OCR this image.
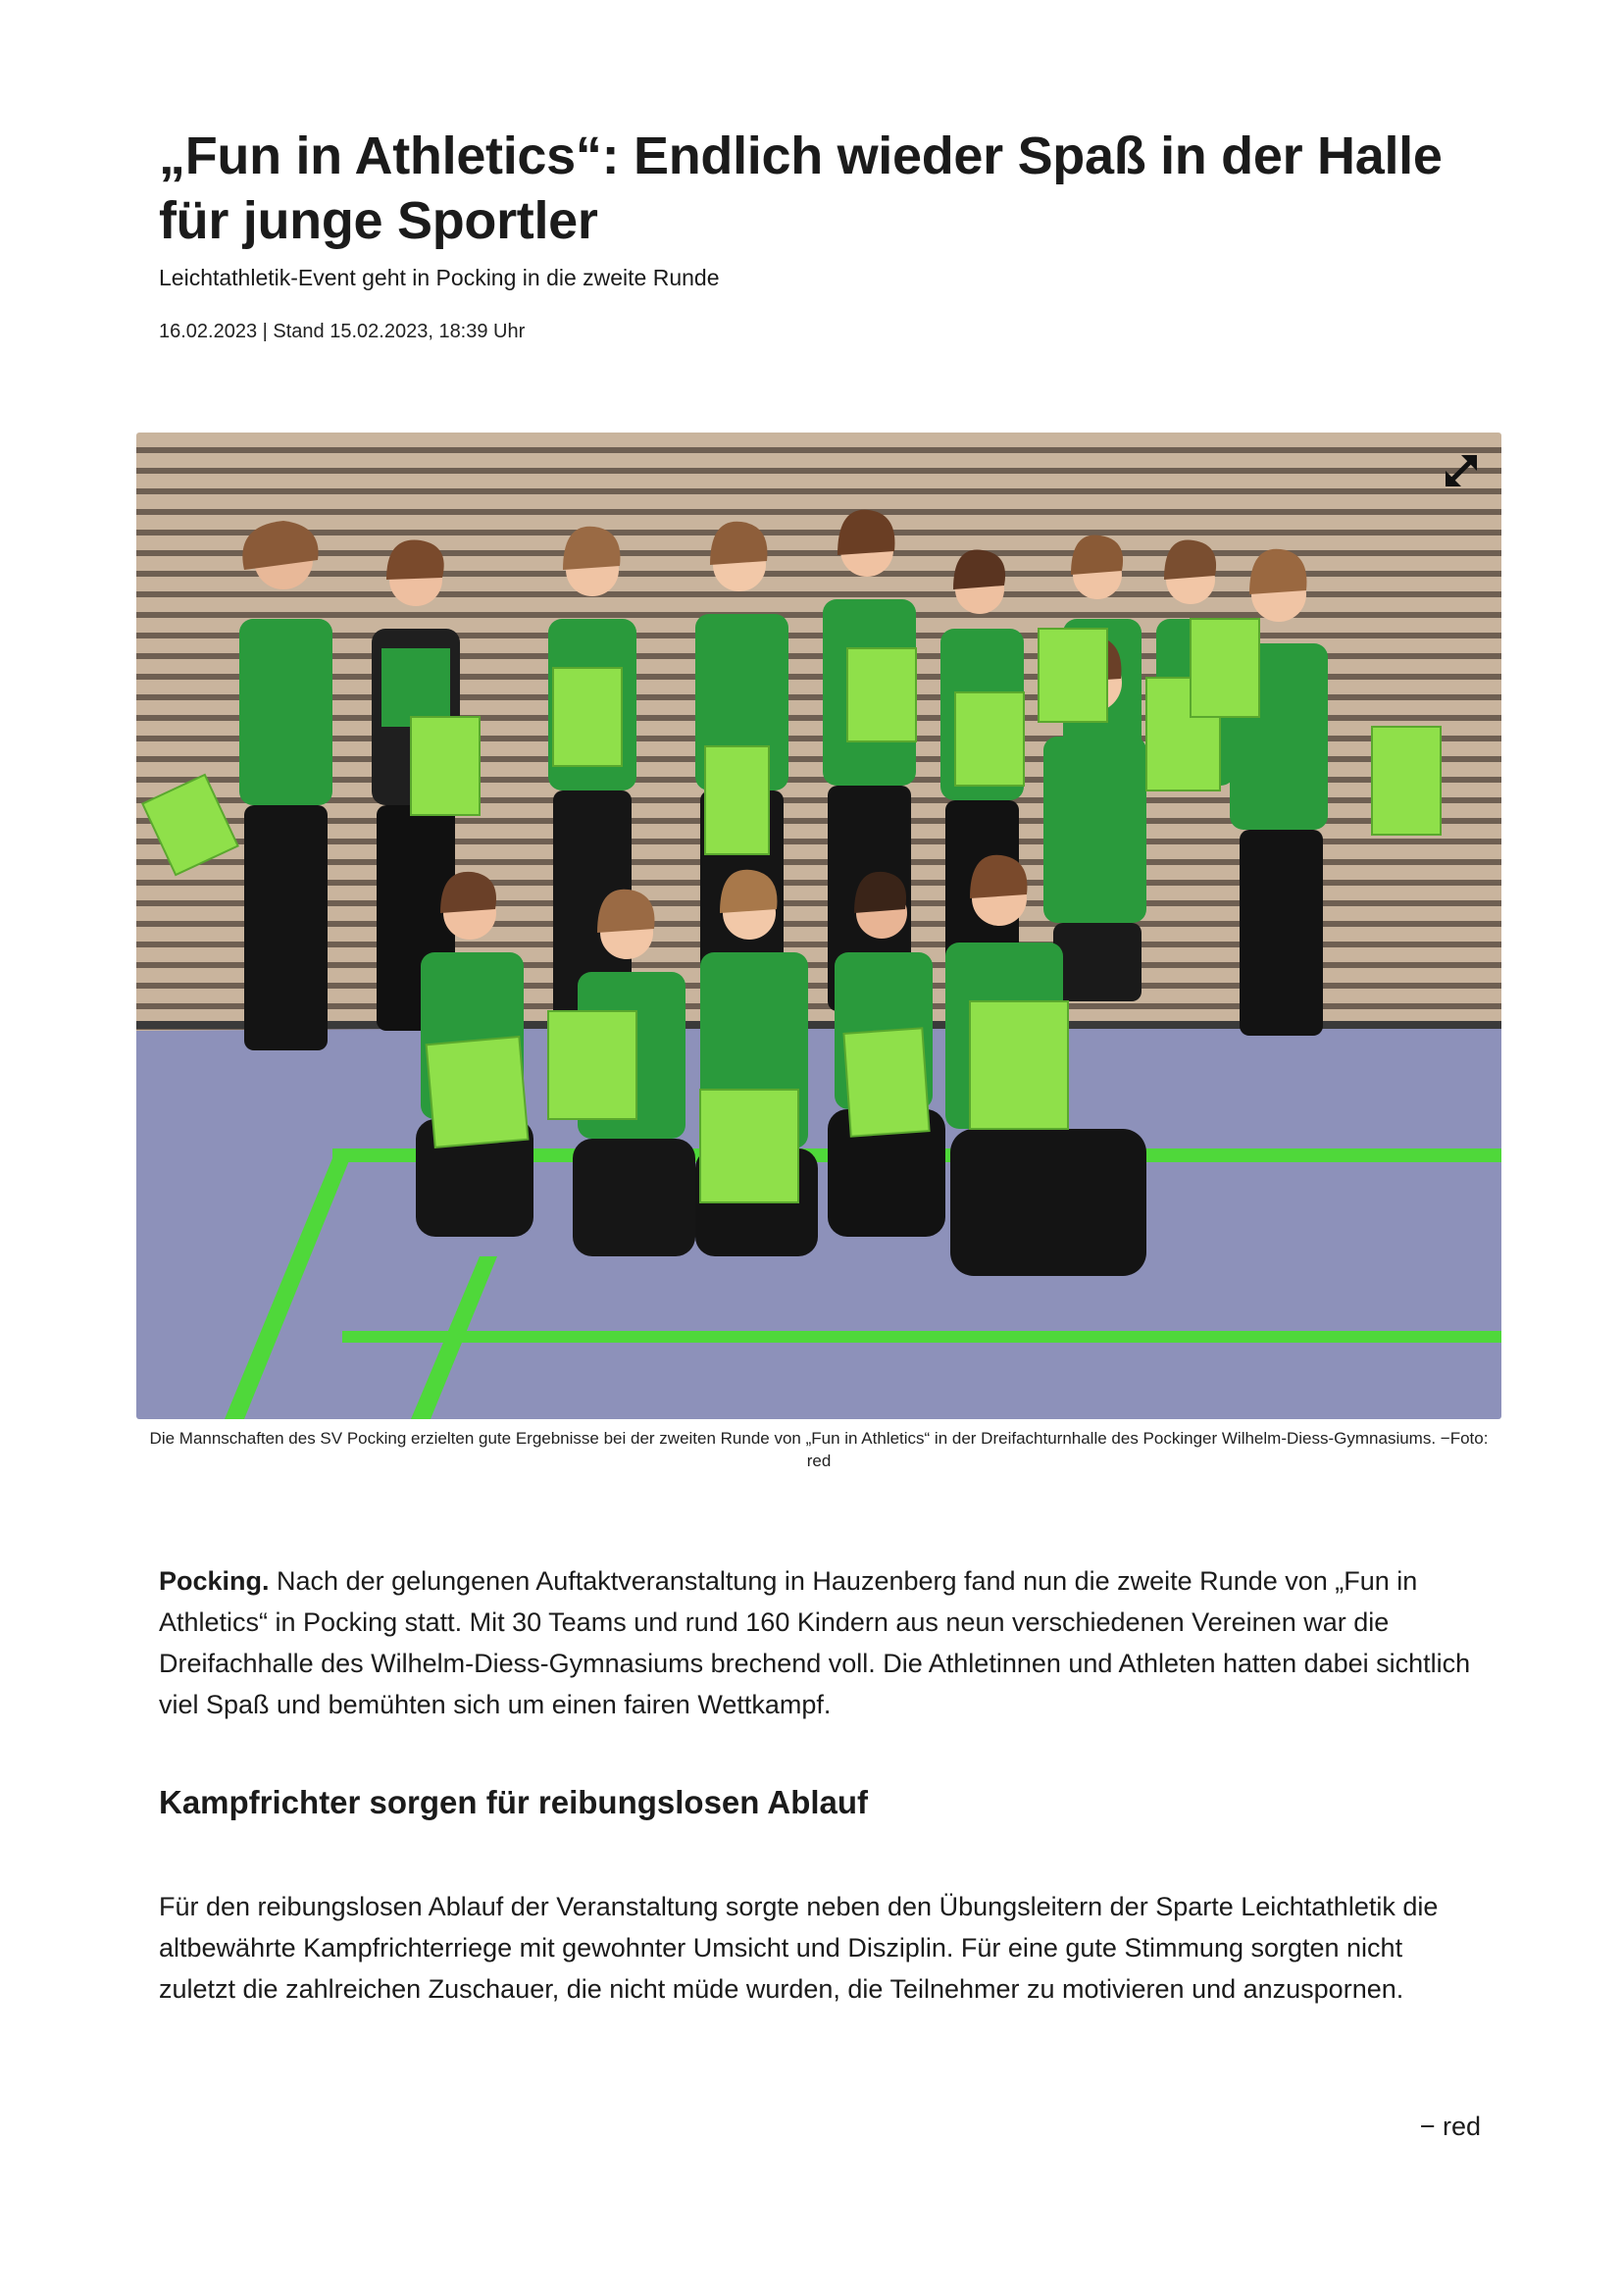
„Fun in Athletics“: Endlich wieder Spaß in der Halle für junge Sportler

Leichtathletik-Event geht in Pocking in die zweite Runde

16.02.2023 | Stand 15.02.2023, 18:39 Uhr

Die Mannschaften des SV Pocking erzielten gute Ergebnisse bei der zweiten Runde von „Fun in Athletics“ in der Dreifachturnhalle des Pockinger Wilhelm-Diess-Gymnasiums. −Foto: red

Pocking. Nach der gelungenen Auftaktveranstaltung in Hauzenberg fand nun die zweite Runde von „Fun in Athletics“ in Pocking statt. Mit 30 Teams und rund 160 Kindern aus neun verschiedenen Vereinen war die Dreifachhalle des Wilhelm-Diess-Gymnasiums brechend voll. Die Athletinnen und Athleten hatten dabei sichtlich viel Spaß und bemühten sich um einen fairen Wettkampf.

Kampfrichter sorgen für reibungslosen Ablauf

Für den reibungslosen Ablauf der Veranstaltung sorgte neben den Übungsleitern der Sparte Leichtathletik die altbewährte Kampfrichterriege mit gewohnter Umsicht und Disziplin. Für eine gute Stimmung sorgten nicht zuletzt die zahlreichen Zuschauer, die nicht müde wurden, die Teilnehmer zu motivieren und anzuspornen.

− red
